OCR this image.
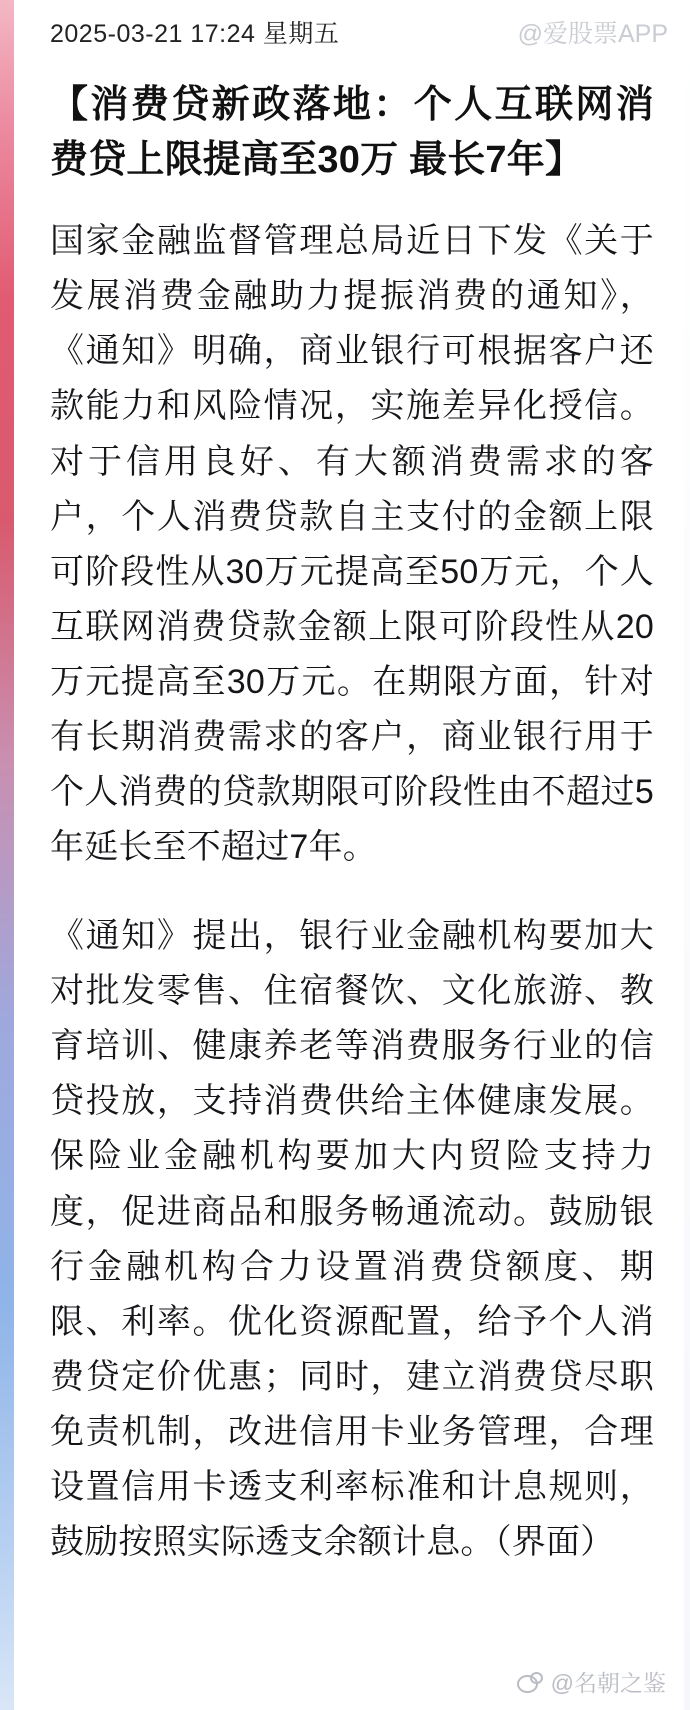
2025-03-21 17:24 星期五	@爱股票APP
【消费贷新政落地：个人互联网消费贷上限提高至30万 最长7年】

国家金融监督管理总局近日下发《关于发展消费金融助力提振消费的通知》，《通知》明确，商业银行可根据客户还款能力和风险情况，实施差异化授信。对于信用良好、有大额消费需求的客户，个人消费贷款自主支付的金额上限可阶段性从30万元提高至50万元，个人互联网消费贷款金额上限可阶段性从20万元提高至30万元。在期限方面，针对有长期消费需求的客户，商业银行用于个人消费的贷款期限可阶段性由不超过5年延长至不超过7年。

《通知》提出，银行业金融机构要加大对批发零售、住宿餐饮、文化旅游、教育培训、健康养老等消费服务行业的信贷投放，支持消费供给主体健康发展。保险业金融机构要加大内贸险支持力度，促进商品和服务畅通流动。鼓励银行金融机构合力设置消费贷额度、期限、利率。优化资源配置，给予个人消费贷定价优惠；同时，建立消费贷尽职免责机制，改进信用卡业务管理，合理设置信用卡透支利率标准和计息规则，鼓励按照实际透支余额计息。（界面）

@名朝之鉴
